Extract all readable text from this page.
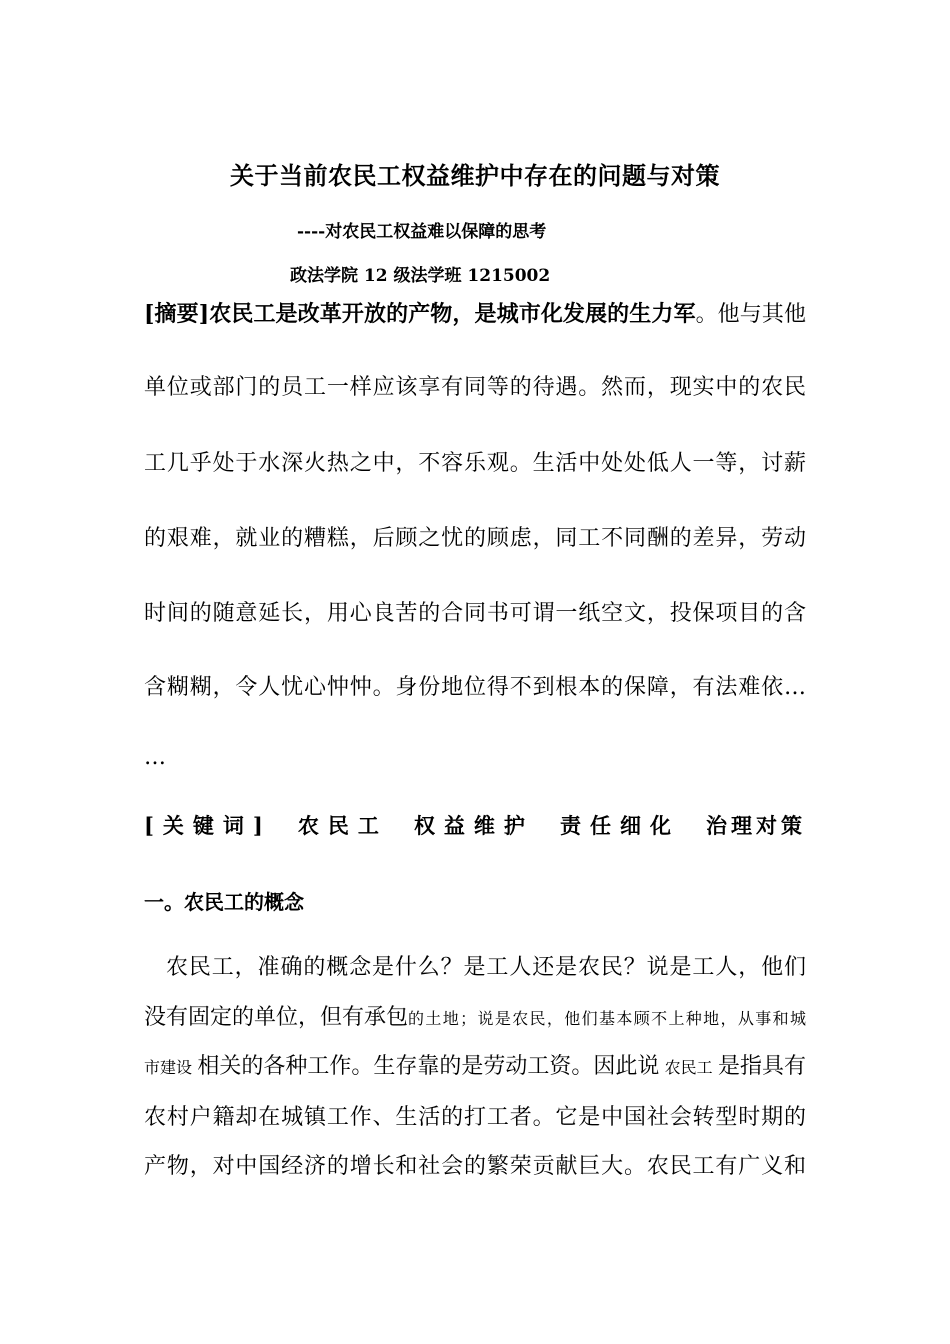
关于当前农民工权益维护中存在的问题与对策
----对农民工权益难以保障的思考
政法学院 12 级法学班 1215002
[摘要]农民工是改革开放的产物，是城市化发展的生力军。他与其他
单位或部门的员工一样应该享有同等的待遇。然而，现实中的农民
工几乎处于水深火热之中，不容乐观。生活中处处低人一等，讨薪
的艰难，就业的糟糕，后顾之忧的顾虑，同工不同酬的差异，劳动
时间的随意延长，用心良苦的合同书可谓一纸空文，投保项目的含
含糊糊，令人忧心忡忡。身份地位得不到根本的保障，有法难依…
…
[关键词] 农民工 权益维护 责任细化 治理对策
一。农民工的概念
农民工，准确的概念是什么？是工人还是农民？说是工人，他们
没有固定的单位，但有承包 的土地；说是农民，他们基本顾不上种地，从事和城
市建设 相关的各种工作。生存靠的是劳动工资。因此说 农民工 是指具有
农村户籍却在城镇工作、生活的打工者。它是中国社会转型时期的
产物，对中国经济的增长和社会的繁荣贡献巨大。农民工有广义和
